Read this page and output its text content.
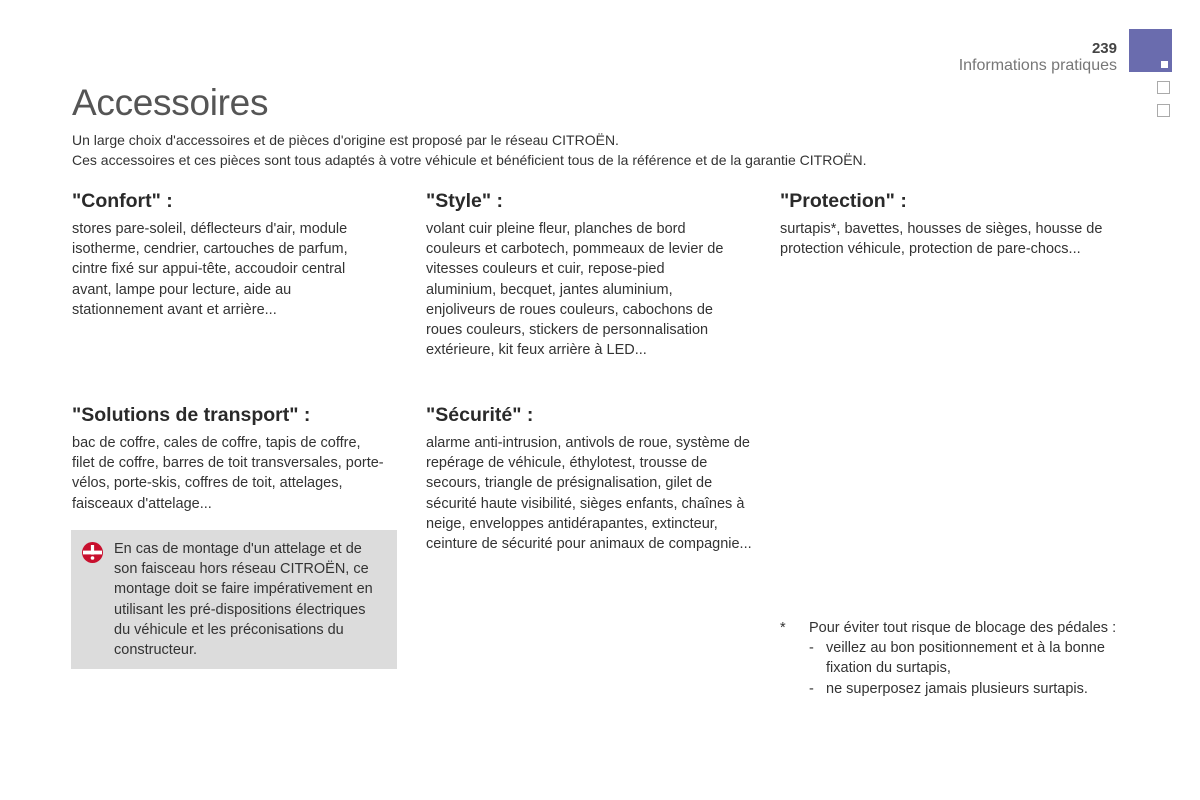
239
Informations pratiques
Accessoires

Un large choix d'accessoires et de pièces d'origine est proposé par le réseau CITROËN.

Ces accessoires et ces pièces sont tous adaptés à votre véhicule et bénéficient tous de la référence et de la garantie CITROËN.

"Confort" :

stores pare-soleil, déflecteurs d'air, module isotherme, cendrier, cartouches de parfum, cintre fixé sur appui-tête, accoudoir central avant, lampe pour lecture, aide au stationnement avant et arrière...

"Style" :

volant cuir pleine fleur, planches de bord couleurs et carbotech, pommeaux de levier de vitesses couleurs et cuir, repose-pied aluminium, becquet, jantes aluminium, enjoliveurs de roues couleurs, cabochons de roues couleurs, stickers de personnalisation extérieure, kit feux arrière à LED...

"Protection" :

surtapis*, bavettes, housses de sièges, housse de protection véhicule, protection de pare-chocs...

"Solutions de transport" :

bac de coffre, cales de coffre, tapis de coffre, filet de coffre, barres de toit transversales, porte-vélos, porte-skis, coffres de toit, attelages, faisceaux d'attelage...

"Sécurité" :

alarme anti-intrusion, antivols de roue, système de repérage de véhicule, éthylotest, trousse de secours, triangle de présignalisation, gilet de sécurité haute visibilité, sièges enfants, chaînes à neige, enveloppes antidérapantes, extincteur, ceinture de sécurité pour animaux de compagnie...

En cas de montage d'un attelage et de son faisceau hors réseau CITROËN, ce montage doit se faire impérativement en utilisant les pré-dispositions électriques du véhicule et les préconisations du constructeur.
*	Pour éviter tout risque de blocage des pédales :
- veillez au bon positionnement et à la bonne fixation du surtapis,
- ne superposez jamais plusieurs surtapis.
